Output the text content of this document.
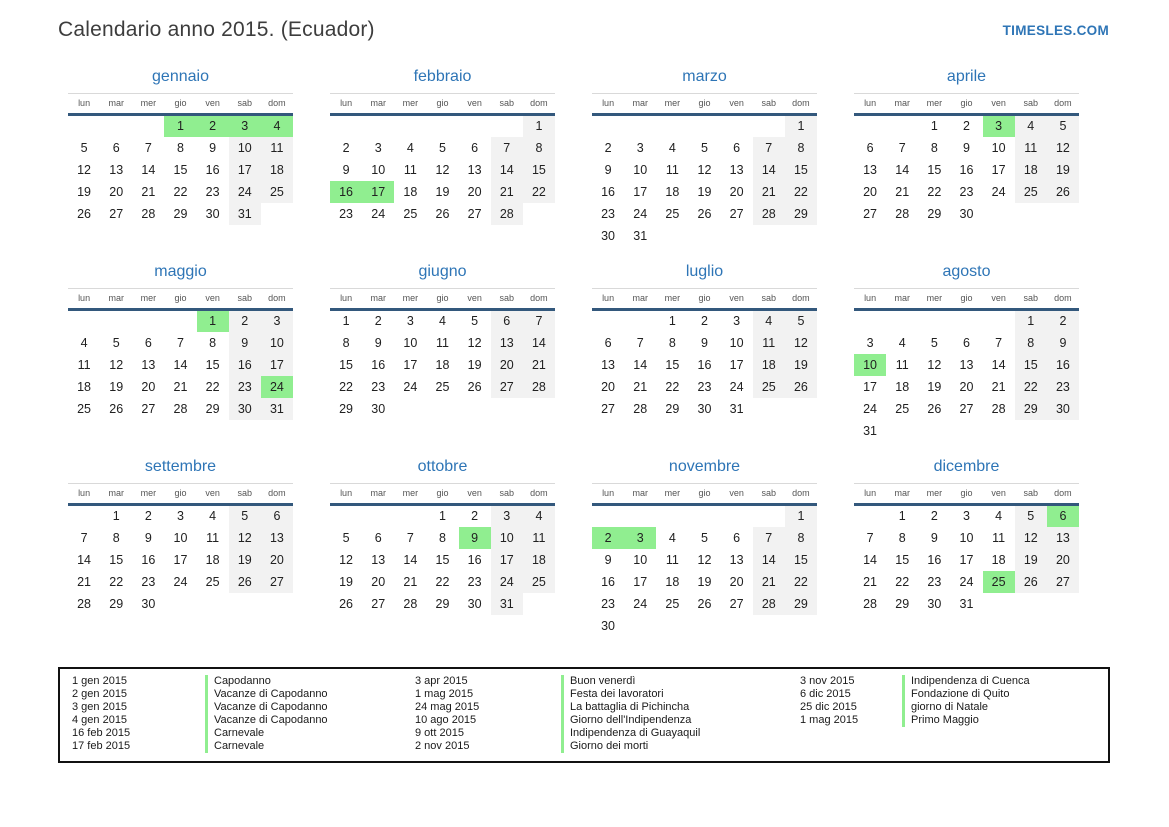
Calendario anno 2015. (Ecuador)	TIMESLES.COM
gennaio
lun	mar	mer	gio	ven	sab	dom
			1	2	3	4
5	6	7	8	9	10	11
12	13	14	15	16	17	18
19	20	21	22	23	24	25
26	27	28	29	30	31	
febbraio
lun	mar	mer	gio	ven	sab	dom
						1
2	3	4	5	6	7	8
9	10	11	12	13	14	15
16	17	18	19	20	21	22
23	24	25	26	27	28	
marzo
lun	mar	mer	gio	ven	sab	dom
						1
2	3	4	5	6	7	8
9	10	11	12	13	14	15
16	17	18	19	20	21	22
23	24	25	26	27	28	29
30	31					
aprile
lun	mar	mer	gio	ven	sab	dom
		1	2	3	4	5
6	7	8	9	10	11	12
13	14	15	16	17	18	19
20	21	22	23	24	25	26
27	28	29	30			
maggio
lun	mar	mer	gio	ven	sab	dom
				1	2	3
4	5	6	7	8	9	10
11	12	13	14	15	16	17
18	19	20	21	22	23	24
25	26	27	28	29	30	31
giugno
lun	mar	mer	gio	ven	sab	dom
1	2	3	4	5	6	7
8	9	10	11	12	13	14
15	16	17	18	19	20	21
22	23	24	25	26	27	28
29	30					
luglio
lun	mar	mer	gio	ven	sab	dom
		1	2	3	4	5
6	7	8	9	10	11	12
13	14	15	16	17	18	19
20	21	22	23	24	25	26
27	28	29	30	31		
agosto
lun	mar	mer	gio	ven	sab	dom
					1	2
3	4	5	6	7	8	9
10	11	12	13	14	15	16
17	18	19	20	21	22	23
24	25	26	27	28	29	30
31						
settembre
lun	mar	mer	gio	ven	sab	dom
	1	2	3	4	5	6
7	8	9	10	11	12	13
14	15	16	17	18	19	20
21	22	23	24	25	26	27
28	29	30				
ottobre
lun	mar	mer	gio	ven	sab	dom
			1	2	3	4
5	6	7	8	9	10	11
12	13	14	15	16	17	18
19	20	21	22	23	24	25
26	27	28	29	30	31	
novembre
lun	mar	mer	gio	ven	sab	dom
						1
2	3	4	5	6	7	8
9	10	11	12	13	14	15
16	17	18	19	20	21	22
23	24	25	26	27	28	29
30						
dicembre
lun	mar	mer	gio	ven	sab	dom
	1	2	3	4	5	6
7	8	9	10	11	12	13
14	15	16	17	18	19	20
21	22	23	24	25	26	27
28	29	30	31			
1 gen 2015	Capodanno
2 gen 2015	Vacanze di Capodanno
3 gen 2015	Vacanze di Capodanno
4 gen 2015	Vacanze di Capodanno
16 feb 2015	Carnevale
17 feb 2015	Carnevale
3 apr 2015	Buon venerdì
1 mag 2015	Festa dei lavoratori
24 mag 2015	La battaglia di Pichincha
10 ago 2015	Giorno dell'Indipendenza
9 ott 2015	Indipendenza di Guayaquil
2 nov 2015	Giorno dei morti
3 nov 2015	Indipendenza di Cuenca
6 dic 2015	Fondazione di Quito
25 dic 2015	giorno di Natale
1 mag 2015	Primo Maggio
